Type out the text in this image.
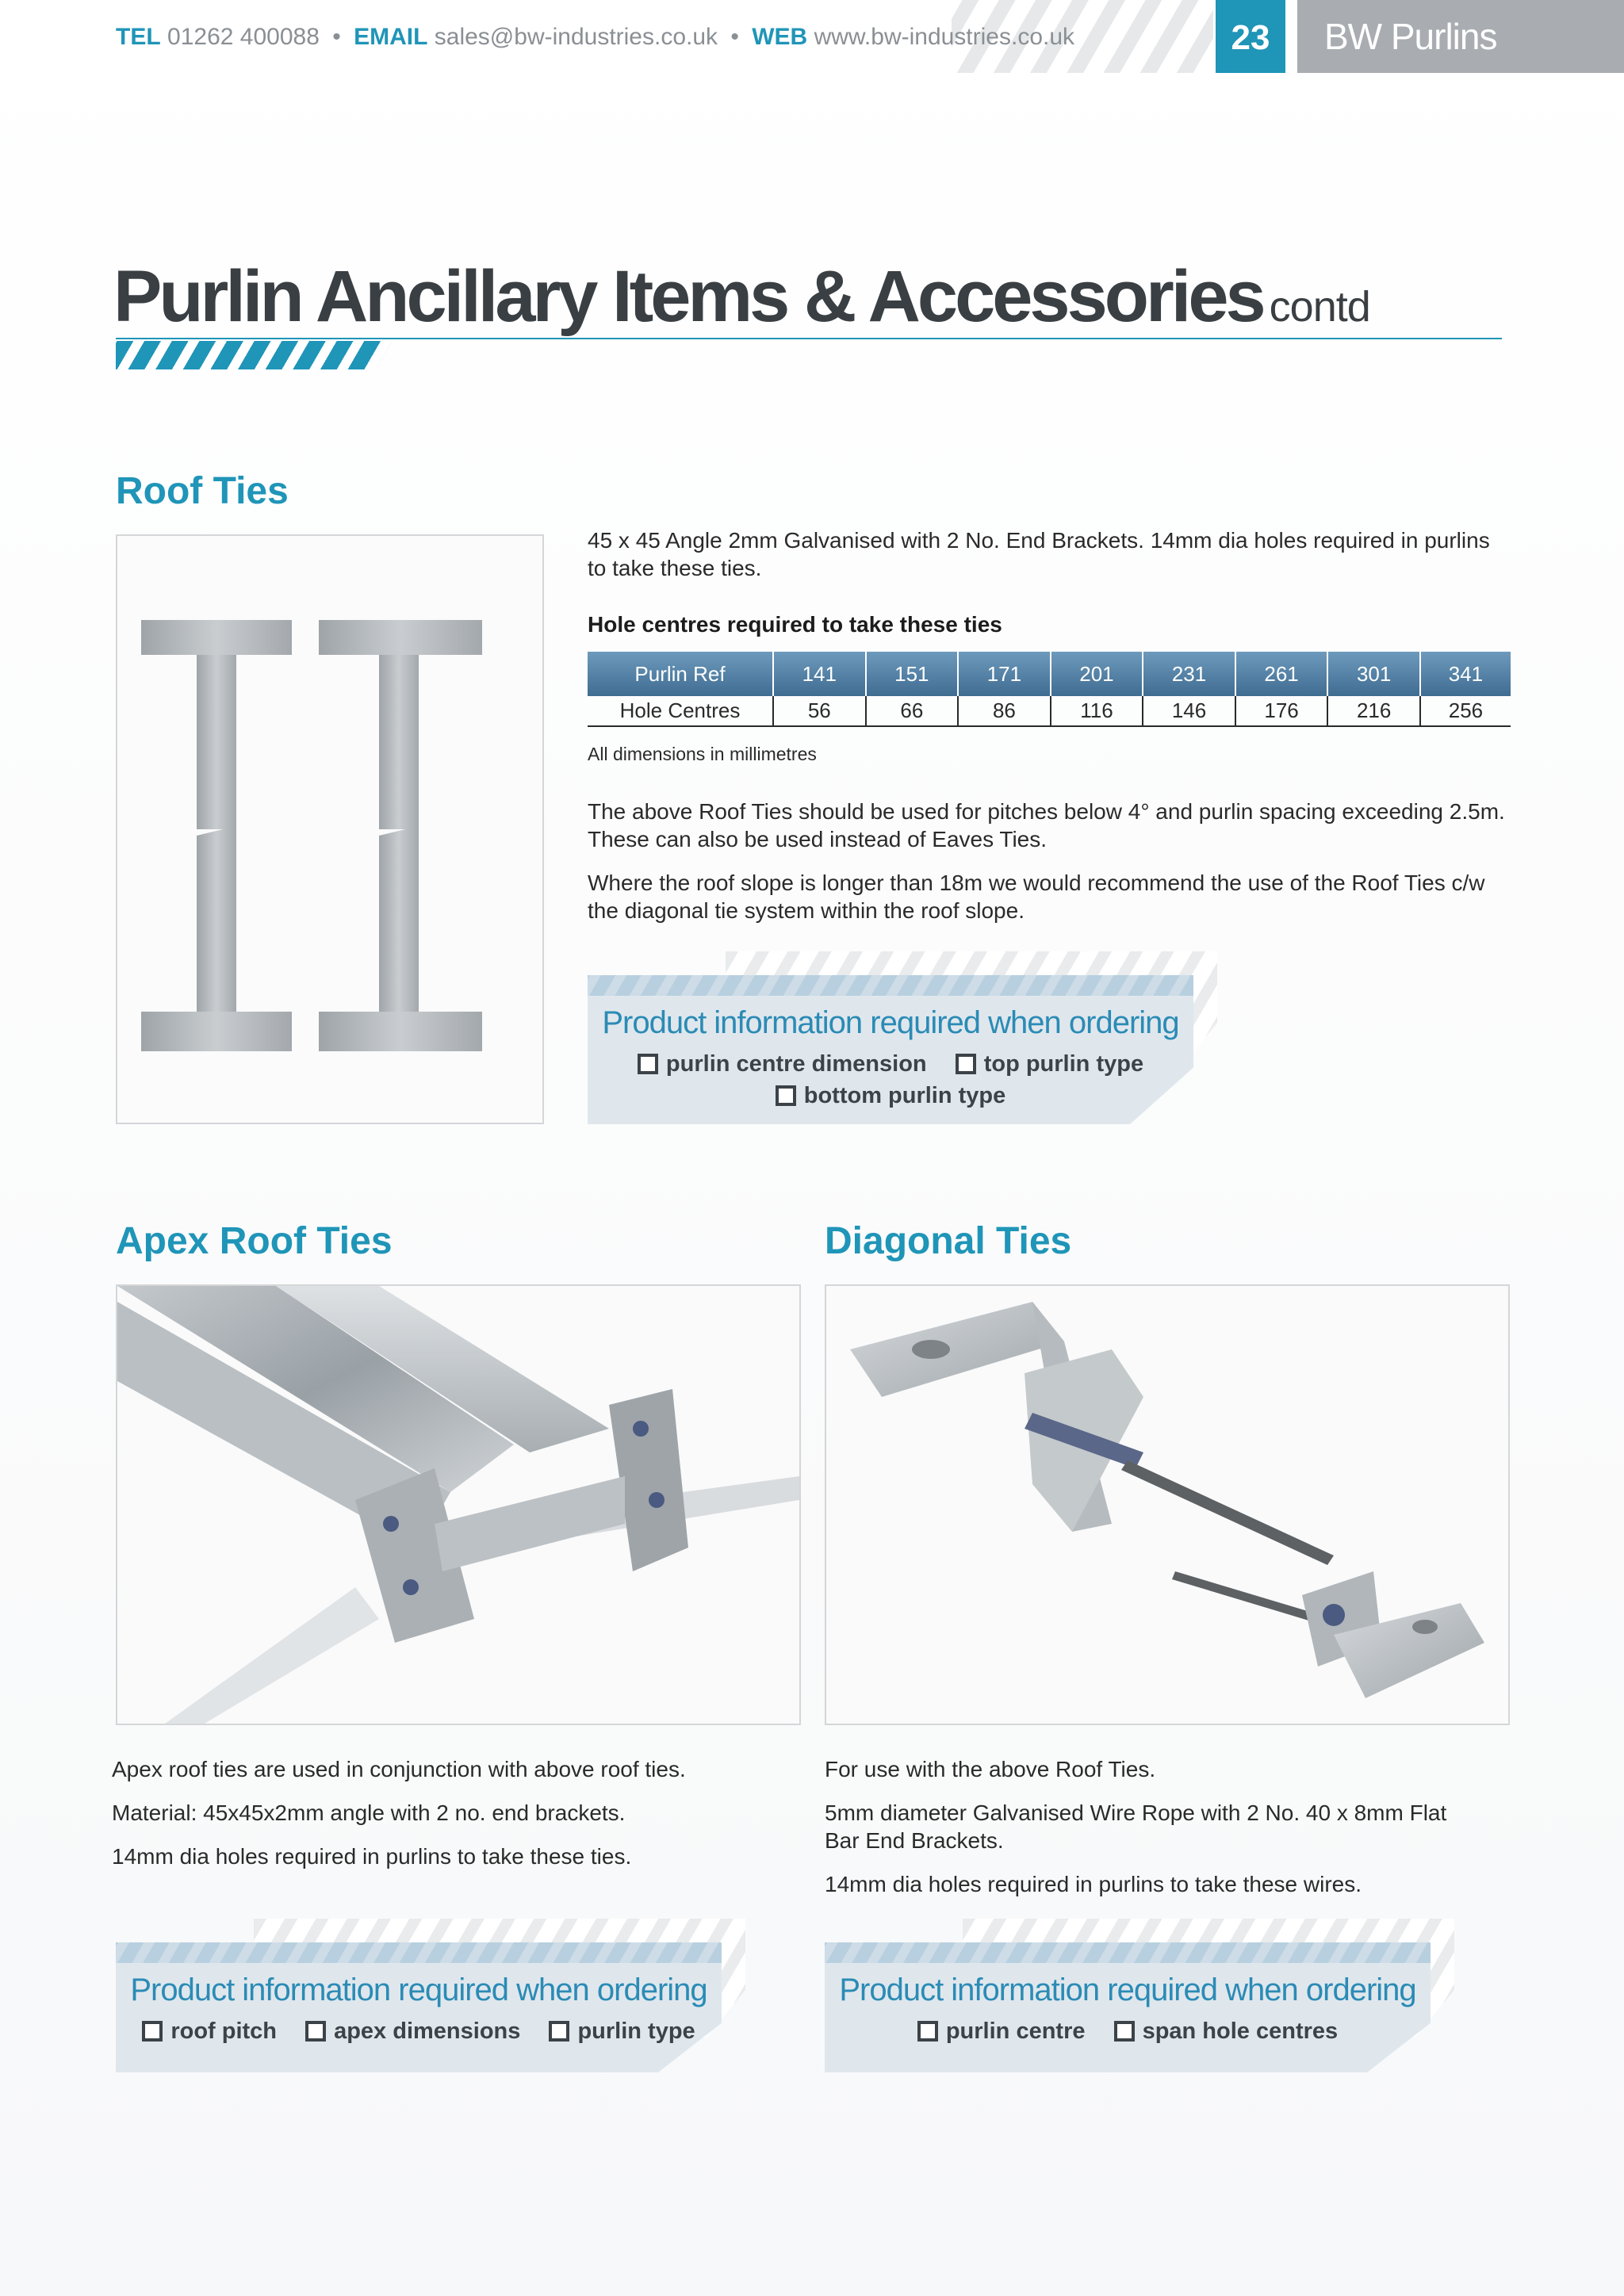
TEL 01262 400088 • EMAIL sales@bw-industries.co.uk • WEB www.bw-industries.co.uk	23	BW Purlins
Purlin Ancillary Items & Accessories contd
Roof Ties
45 x 45 Angle 2mm Galvanised with 2 No. End Brackets. 14mm dia holes required in purlins to take these ties.
Hole centres required to take these ties
Purlin Ref	141	151	171	201	231	261	301	341
Hole Centres	56	66	86	116	146	176	216	256
All dimensions in millimetres

The above Roof Ties should be used for pitches below 4° and purlin spacing exceeding 2.5m. These can also be used instead of Eaves Ties.

Where the roof slope is longer than 18m we would recommend the use of the Roof Ties c/w the diagonal tie system within the roof slope.

Product information required when ordering
purlin centre dimension top purlin type
bottom purlin type
Apex Roof Ties

Apex roof ties are used in conjunction with above roof ties.

Material: 45x45x2mm angle with 2 no. end brackets.

14mm dia holes required in purlins to take these ties.

Product information required when ordering
roof pitch apex dimensions purlin type
Diagonal Ties

For use with the above Roof Ties.

5mm diameter Galvanised Wire Rope with 2 No. 40 x 8mm Flat Bar End Brackets.

14mm dia holes required in purlins to take these wires.

Product information required when ordering
purlin centre span hole centres
